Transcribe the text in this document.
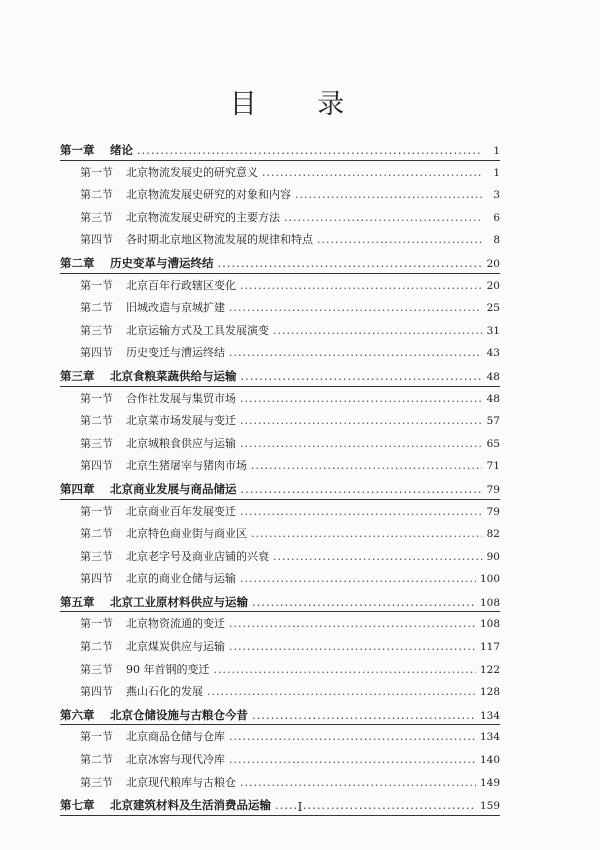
目 录
第一章	绪论 .....	1
第一节	北京物流发展史的研究意义 .....	1
第二节	北京物流发展史研究的对象和内容 .....	3
第三节	北京物流发展史研究的主要方法 .....	6
第四节	各时期北京地区物流发展的规律和特点 .....	8
第二章	历史变革与漕运终结 .....	20
第一节	北京百年行政辖区变化 .....	20
第二节	旧城改造与京城扩建 .....	25
第三节	北京运输方式及工具发展演变 .....	31
第四节	历史变迁与漕运终结 .....	43
第三章	北京食粮菜蔬供给与运输 .....	48
第一节	合作社发展与集贸市场 .....	48
第二节	北京菜市场发展与变迁 .....	57
第三节	北京城粮食供应与运输 .....	65
第四节	北京生猪屠宰与猪肉市场 .....	71
第四章	北京商业发展与商品储运 .....	79
第一节	北京商业百年发展变迁 .....	79
第二节	北京特色商业街与商业区 .....	82
第三节	北京老字号及商业店铺的兴衰 .....	90
第四节	北京的商业仓储与运输 .....	100
第五章	北京工业原材料供应与运输 .....	108
第一节	北京物资流通的变迁 .....	108
第二节	北京煤炭供应与运输 .....	117
第三节	90 年首钢的变迁 .....	122
第四节	燕山石化的发展 .....	128
第六章	北京仓储设施与古粮仓今昔 .....	134
第一节	北京商品仓储与仓库 .....	134
第二节	北京冰窖与现代冷库 .....	140
第三节	北京现代粮库与古粮仓 .....	149
第七章	北京建筑材料及生活消费品运输 .....	159
I
